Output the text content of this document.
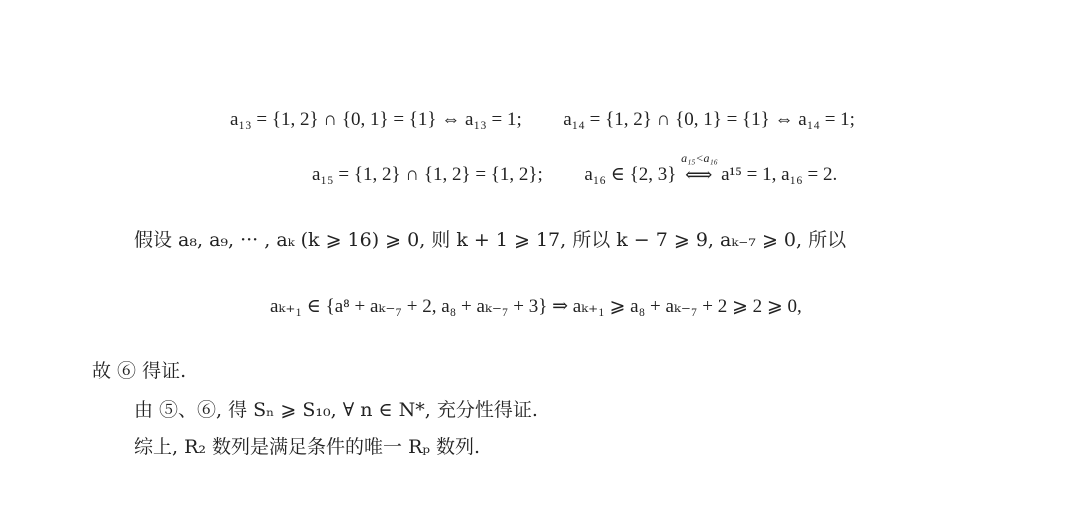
a₁₃ = {1, 2} ∩ {0, 1} = {1} ⇔ a₁₃ = 1; a₁₄ = {1, 2} ∩ {0, 1} = {1} ⇔ a₁₄ = 1;
a₁₅ = {1, 2} ∩ {1, 2} = {1, 2}; a₁₆ ∈ {2, 3}
a₁₅<a₁₆
⟺ a¹⁵ = 1, a₁₆ = 2.
假设 a₈, a₉, ··· , aₖ (k ⩾ 16) ⩾ 0, 则 k + 1 ⩾ 17, 所以 k − 7 ⩾ 9, aₖ₋₇ ⩾ 0, 所以
aₖ₊₁ ∈ {a⁸ + aₖ₋₇ + 2, a₈ + aₖ₋₇ + 3} ⇒ aₖ₊₁ ⩾ a₈ + aₖ₋₇ + 2 ⩾ 2 ⩾ 0,
故 ⑥ 得证.
由 ⑤、⑥, 得 Sₙ ⩾ S₁₀, ∀ n ∈ N*, 充分性得证.
综上, R₂ 数列是满足条件的唯一 Rₚ 数列.
